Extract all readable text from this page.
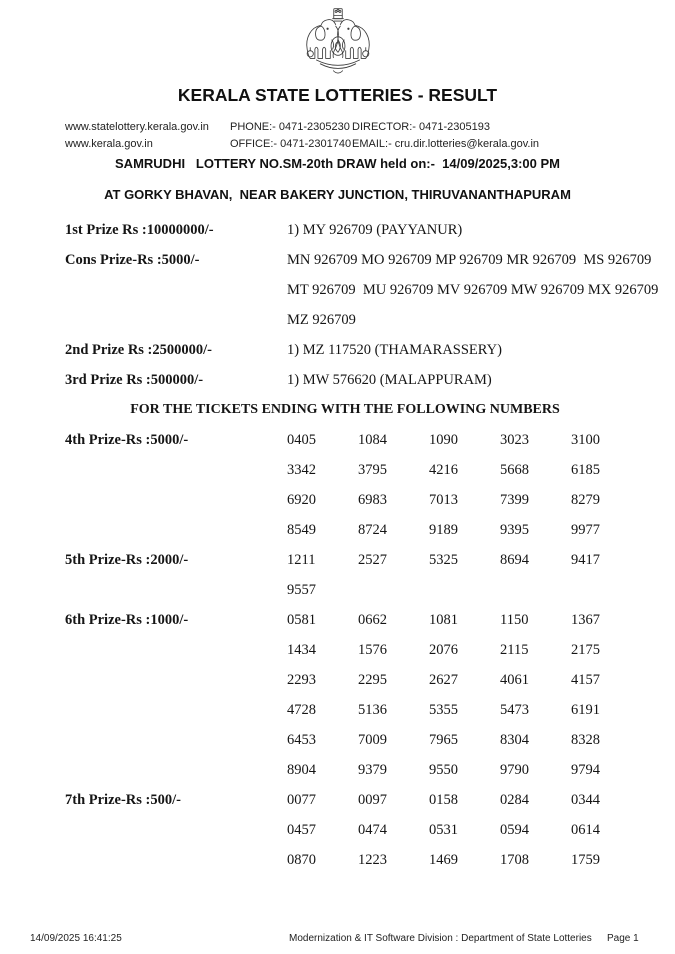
KERALA STATE LOTTERIES - RESULT
www.statelottery.kerala.gov.in PHONE:- 0471-2305230 DIRECTOR:- 0471-2305193
www.kerala.gov.in	OFFICE:- 0471-2301740 EMAIL:- cru.dir.lotteries@kerala.gov.in
SAMRUDHI   LOTTERY NO.SM-20th DRAW held on:-  14/09/2025,3:00 PM
AT GORKY BHAVAN,  NEAR BAKERY JUNCTION, THIRUVANANTHAPURAM
1st Prize Rs :10000000/-	1) MY 926709 (PAYYANUR)
Cons Prize-Rs :5000/-	MN 926709 MO 926709 MP 926709 MR 926709  MS 926709
MT 926709  MU 926709 MV 926709 MW 926709 MX 926709
MZ 926709
2nd Prize Rs :2500000/-	1) MZ 117520 (THAMARASSERY)
3rd Prize Rs :500000/-	1) MW 576620 (MALAPPURAM)
FOR THE TICKETS ENDING WITH THE FOLLOWING NUMBERS
4th Prize-Rs :5000/-	0405	1084	1090	3023	3100
3342	3795	4216	5668	6185
6920	6983	7013	7399	8279
8549	8724	9189	9395	9977
5th Prize-Rs :2000/-	1211	2527	5325	8694	9417
9557
6th Prize-Rs :1000/-	0581	0662	1081	1150	1367
1434	1576	2076	2115	2175
2293	2295	2627	4061	4157
4728	5136	5355	5473	6191
6453	7009	7965	8304	8328
8904	9379	9550	9790	9794
7th Prize-Rs :500/-	0077	0097	0158	0284	0344
0457	0474	0531	0594	0614
0870	1223	1469	1708	1759
14/09/2025 16:41:25	Modernization & IT Software Division : Department of State Lotteries Page 1
